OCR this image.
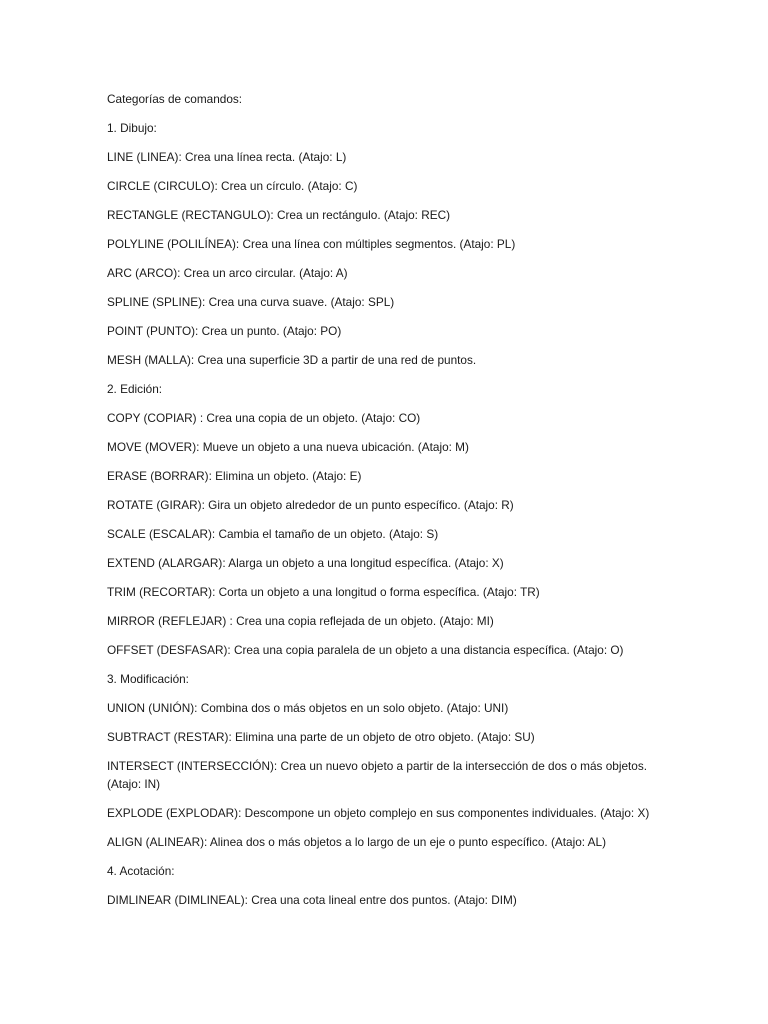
Categorías de comandos:

1. Dibujo:

LINE (LINEA): Crea una línea recta. (Atajo: L)

CIRCLE (CIRCULO): Crea un círculo. (Atajo: C)

RECTANGLE (RECTANGULO): Crea un rectángulo. (Atajo: REC)

POLYLINE (POLILÍNEA): Crea una línea con múltiples segmentos. (Atajo: PL)

ARC (ARCO): Crea un arco circular. (Atajo: A)

SPLINE (SPLINE): Crea una curva suave. (Atajo: SPL)

POINT (PUNTO): Crea un punto. (Atajo: PO)

MESH (MALLA): Crea una superficie 3D a partir de una red de puntos.

2. Edición:

COPY (COPIAR) : Crea una copia de un objeto. (Atajo: CO)

MOVE (MOVER): Mueve un objeto a una nueva ubicación. (Atajo: M)

ERASE (BORRAR): Elimina un objeto. (Atajo: E)

ROTATE (GIRAR): Gira un objeto alrededor de un punto específico. (Atajo: R)

SCALE (ESCALAR): Cambia el tamaño de un objeto. (Atajo: S)

EXTEND (ALARGAR): Alarga un objeto a una longitud específica. (Atajo: X)

TRIM (RECORTAR): Corta un objeto a una longitud o forma específica. (Atajo: TR)

MIRROR (REFLEJAR) : Crea una copia reflejada de un objeto. (Atajo: MI)

OFFSET (DESFASAR): Crea una copia paralela de un objeto a una distancia específica. (Atajo: O)

3. Modificación:

UNION (UNIÓN): Combina dos o más objetos en un solo objeto. (Atajo: UNI)

SUBTRACT (RESTAR): Elimina una parte de un objeto de otro objeto. (Atajo: SU)

INTERSECT (INTERSECCIÓN): Crea un nuevo objeto a partir de la intersección de dos o más objetos. (Atajo: IN)

EXPLODE (EXPLODAR): Descompone un objeto complejo en sus componentes individuales. (Atajo: X)

ALIGN (ALINEAR): Alinea dos o más objetos a lo largo de un eje o punto específico. (Atajo: AL)

4. Acotación:

DIMLINEAR (DIMLINEAL): Crea una cota lineal entre dos puntos. (Atajo: DIM)
